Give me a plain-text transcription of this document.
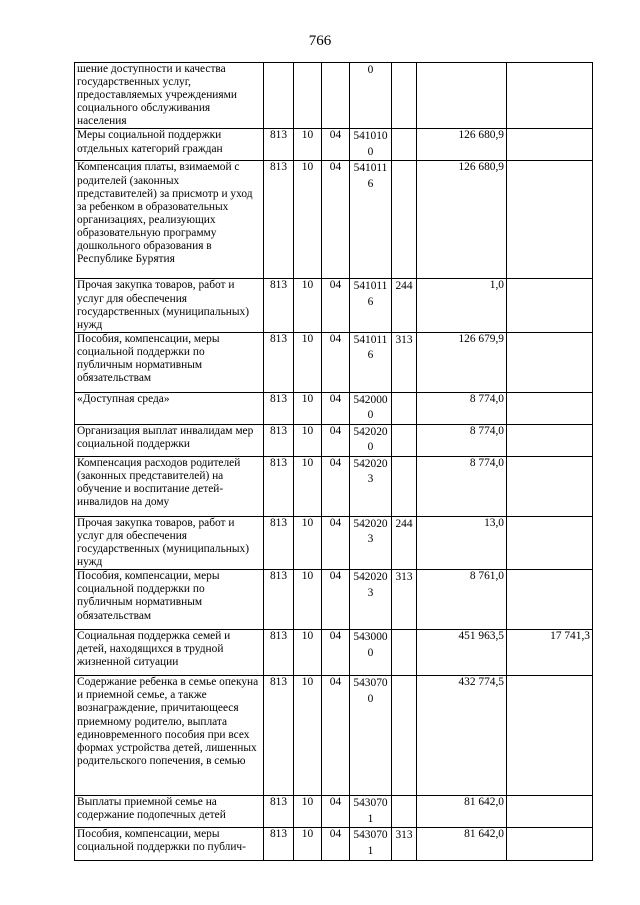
766
шение доступности и качества государственных услуг, предоставляемых учреждениями социального обслуживания населения				0			
Меры социальной поддержки отдельных категорий граждан	813	10	04	5410100		126 680,9	
Компенсация платы, взимаемой с родителей (законных представителей) за присмотр и уход за ребенком в образовательных организациях, реализующих образовательную программу дошкольного образования в Республике Бурятия	813	10	04	5410116		126 680,9	
Прочая закупка товаров, работ и услуг для обеспечения государственных (муниципальных) нужд	813	10	04	5410116	244	1,0	
Пособия, компенсации, меры социальной поддержки по публичным нормативным обязательствам	813	10	04	5410116	313	126 679,9	
«Доступная среда»	813	10	04	5420000		8 774,0	
Организация выплат инвалидам мер социальной поддержки	813	10	04	5420200		8 774,0	
Компенсация расходов родителей (законных представителей) на обучение и воспитание детей-инвалидов на дому	813	10	04	5420203		8 774,0	
Прочая закупка товаров, работ и услуг для обеспечения государственных (муниципальных) нужд	813	10	04	5420203	244	13,0	
Пособия, компенсации, меры социальной поддержки по публичным нормативным обязательствам	813	10	04	5420203	313	8 761,0	
Социальная поддержка семей и детей, находящихся в трудной жизненной ситуации	813	10	04	5430000		451 963,5	17 741,3
Содержание ребенка в семье опекуна и приемной семье, а также вознаграждение, причитающееся приемному родителю, выплата единовременного пособия при всех формах устройства детей, лишенных родительского попечения, в семью	813	10	04	5430700		432 774,5	
Выплаты приемной семье на содержание подопечных детей	813	10	04	5430701		81 642,0	
Пособия, компенсации, меры социальной поддержки по публич-	813	10	04	5430701	313	81 642,0	
